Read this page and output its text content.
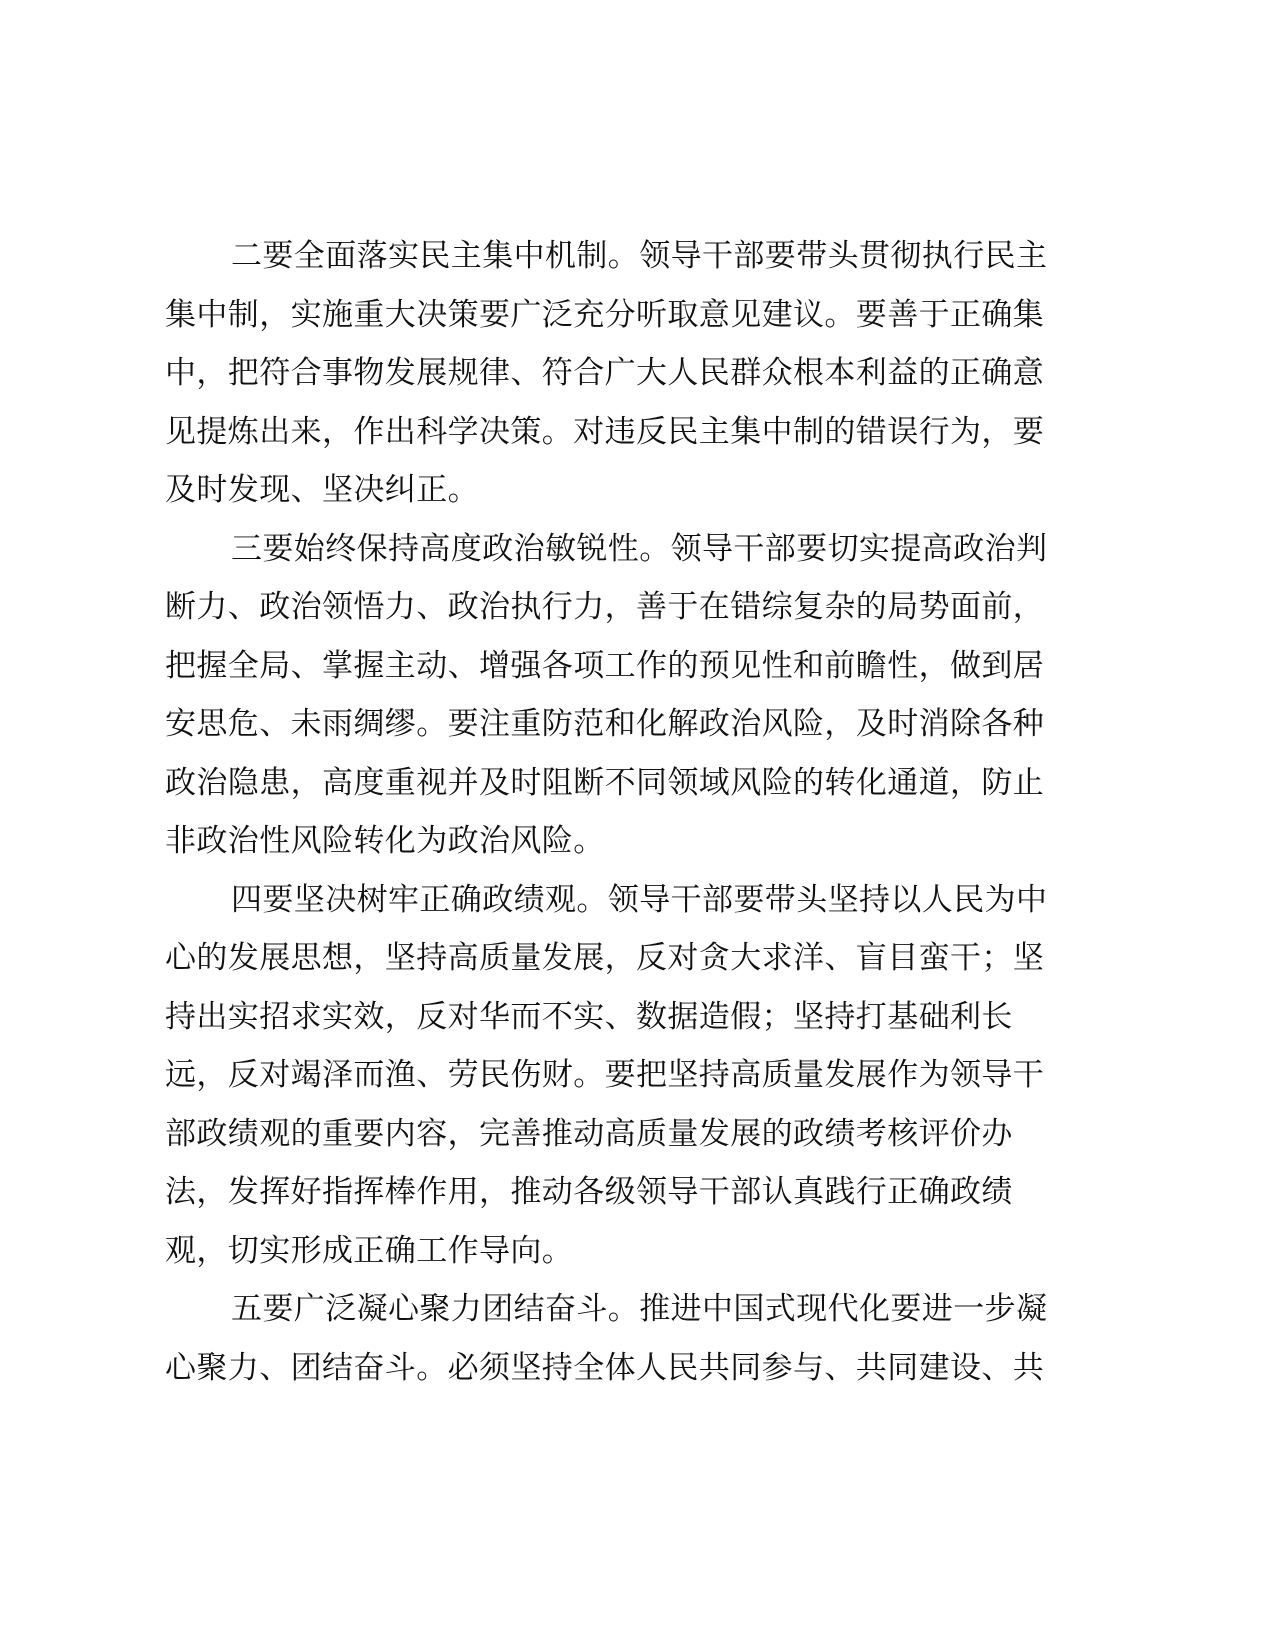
二要全面落实民主集中机制。领导干部要带头贯彻执行民主
集中制，实施重大决策要广泛充分听取意见建议。要善于正确集
中，把符合事物发展规律、符合广大人民群众根本利益的正确意
见提炼出来，作出科学决策。对违反民主集中制的错误行为，要
及时发现、坚决纠正。
三要始终保持高度政治敏锐性。领导干部要切实提高政治判
断力、政治领悟力、政治执行力，善于在错综复杂的局势面前，
把握全局、掌握主动、增强各项工作的预见性和前瞻性，做到居
安思危、未雨绸缪。要注重防范和化解政治风险，及时消除各种
政治隐患，高度重视并及时阻断不同领域风险的转化通道，防止
非政治性风险转化为政治风险。
四要坚决树牢正确政绩观。领导干部要带头坚持以人民为中
心的发展思想，坚持高质量发展，反对贪大求洋、盲目蛮干；坚
持出实招求实效，反对华而不实、数据造假；坚持打基础利长
远，反对竭泽而渔、劳民伤财。要把坚持高质量发展作为领导干
部政绩观的重要内容，完善推动高质量发展的政绩考核评价办
法，发挥好指挥棒作用，推动各级领导干部认真践行正确政绩
观，切实形成正确工作导向。
五要广泛凝心聚力团结奋斗。推进中国式现代化要进一步凝
心聚力、团结奋斗。必须坚持全体人民共同参与、共同建设、共
